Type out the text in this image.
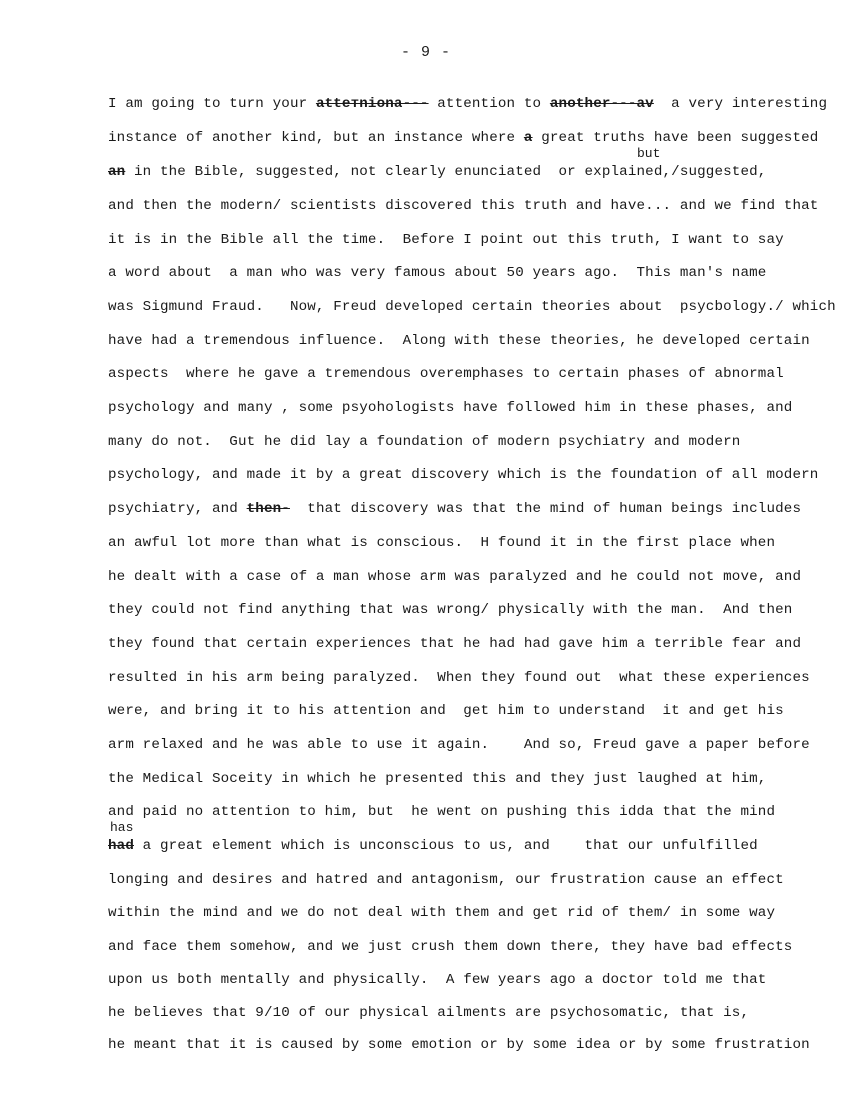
- 9 -
but
has
I am going to turn your atteтniona--- attention to another---av  a very interesting
instance of another kind, but an instance where a great truths have been suggested
an in the Bible, suggested, not clearly enunciated  or explained,/suggested,
and then the modern/ scientists discovered this truth and have... and we find that
it is in the Bible all the time.  Before I point out this truth, I want to say
a word about  a man who was very famous about 50 years ago.  This man's name
was Sigmund Fraud.   Now, Freud developed certain theories about  psycbology./ which
have had a tremendous influence.  Along with these theories, he developed certain
aspects  where he gave a tremendous overemphases to certain phases of abnormal
psychology and many , some psyohologists have followed him in these phases, and
many do not.  Gut he did lay a foundation of modern psychiatry and modern
psychology, and made it by a great discovery which is the foundation of all modern
psychiatry, and then-  that discovery was that the mind of human beings includes
an awful lot more than what is conscious.  H found it in the first place when
he dealt with a case of a man whose arm was paralyzed and he could not move, and
they could not find anything that was wrong/ physically with the man.  And then
they found that certain experiences that he had had gave him a terrible fear and
resulted in his arm being paralyzed.  When they found out  what these experiences
were, and bring it to his attention and  get him to understand  it and get his
arm relaxed and he was able to use it again.    And so, Freud gave a paper before
the Medical Soceity in which he presented this and they just laughed at him,
and paid no attention to him, but  he went on pushing this idda that the mind
had a great element which is unconscious to us, and    that our unfulfilled
longing and desires and hatred and antagonism, our frustration cause an effect
within the mind and we do not deal with them and get rid of them/ in some way
and face them somehow, and we just crush them down there, they have bad effects
upon us both mentally and physically.  A few years ago a doctor told me that
he believes that 9/10 of our physical ailments are psychosomatic, that is,
he meant that it is caused by some emotion or by some idea or by some frustration
